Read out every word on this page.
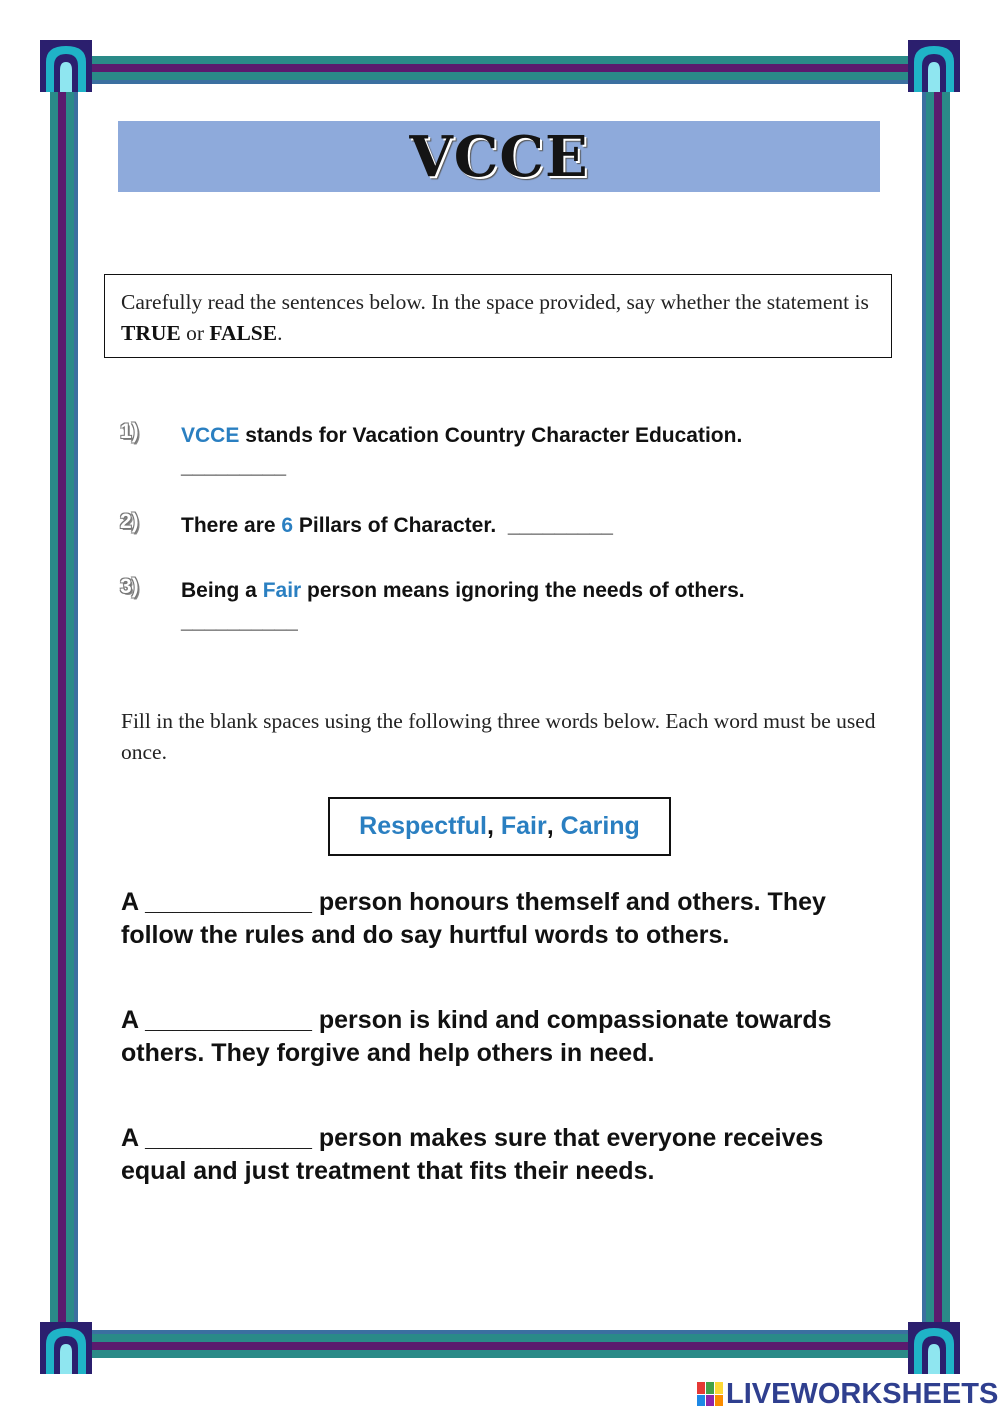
VCCE
Carefully read the sentences below. In the space provided, say whether the statement is TRUE or FALSE.
1)	VCCE stands for Vacation Country Character Education.
_________
2)	There are 6 Pillars of Character. _________
3)	Being a Fair person means ignoring the needs of others.
__________
Fill in the blank spaces using the following three words below. Each word must be used once.
Respectful , Fair , Caring
A ____________ person honours themself and others. They follow the rules and do say hurtful words to others.
A ____________ person is kind and compassionate towards others. They forgive and help others in need.
A ____________ person makes sure that everyone receives equal and just treatment that fits their needs.
LIVEWORKSHEETS
